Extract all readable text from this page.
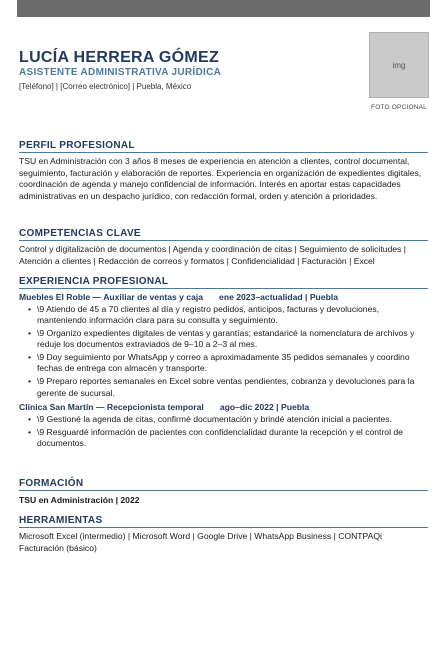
img
FOTO OPCIONAL
LUCÍA HERRERA GÓMEZ
ASISTENTE ADMINISTRATIVA JURÍDICA
[Teléfono] | [Correo electrónico] | Puebla, México
PERFIL PROFESIONAL

TSU en Administración con 3 años 8 meses de experiencia en atención a clientes, control documental, seguimiento, facturación y elaboración de reportes. Experiencia en organización de expedientes digitales, coordinación de agenda y manejo confidencial de información. Interés en aportar estas capacidades administrativas en un despacho jurídico, con redacción formal, orden y atención a prioridades.

COMPETENCIAS CLAVE

Control y digitalización de documentos | Agenda y coordinación de citas | Seguimiento de solicitudes | Atención a clientes | Redacción de correos y formatos | Confidencialidad | Facturación | Excel

EXPERIENCIA PROFESIONAL
Muebles El Roble — Auxiliar de ventas y caja ene 2023–actualidad | Puebla
• \9 Atiendo de 45 a 70 clientes al día y registro pedidos, anticipos, facturas y devoluciones, manteniendo información clara para su consulta y seguimiento.
• \9 Organizo expedientes digitales de ventas y garantías; estandaricé la nomenclatura de archivos y reduje los documentos extraviados de 9–10 a 2–3 al mes.
• \9 Doy seguimiento por WhatsApp y correo a aproximadamente 35 pedidos semanales y coordino fechas de entrega con almacén y transporte.
• \9 Preparo reportes semanales en Excel sobre ventas pendientes, cobranza y devoluciones para la gerente de sucursal.
Clínica San Martín — Recepcionista temporal ago–dic 2022 | Puebla
• \9 Gestioné la agenda de citas, confirmé documentación y brindé atención inicial a pacientes.
• \9 Resguardé información de pacientes con confidencialidad durante la recepción y el control de documentos.
FORMACIÓN
TSU en Administración | 2022
HERRAMIENTAS

Microsoft Excel (intermedio) | Microsoft Word | Google Drive | WhatsApp Business | CONTPAQi Facturación (básico)
